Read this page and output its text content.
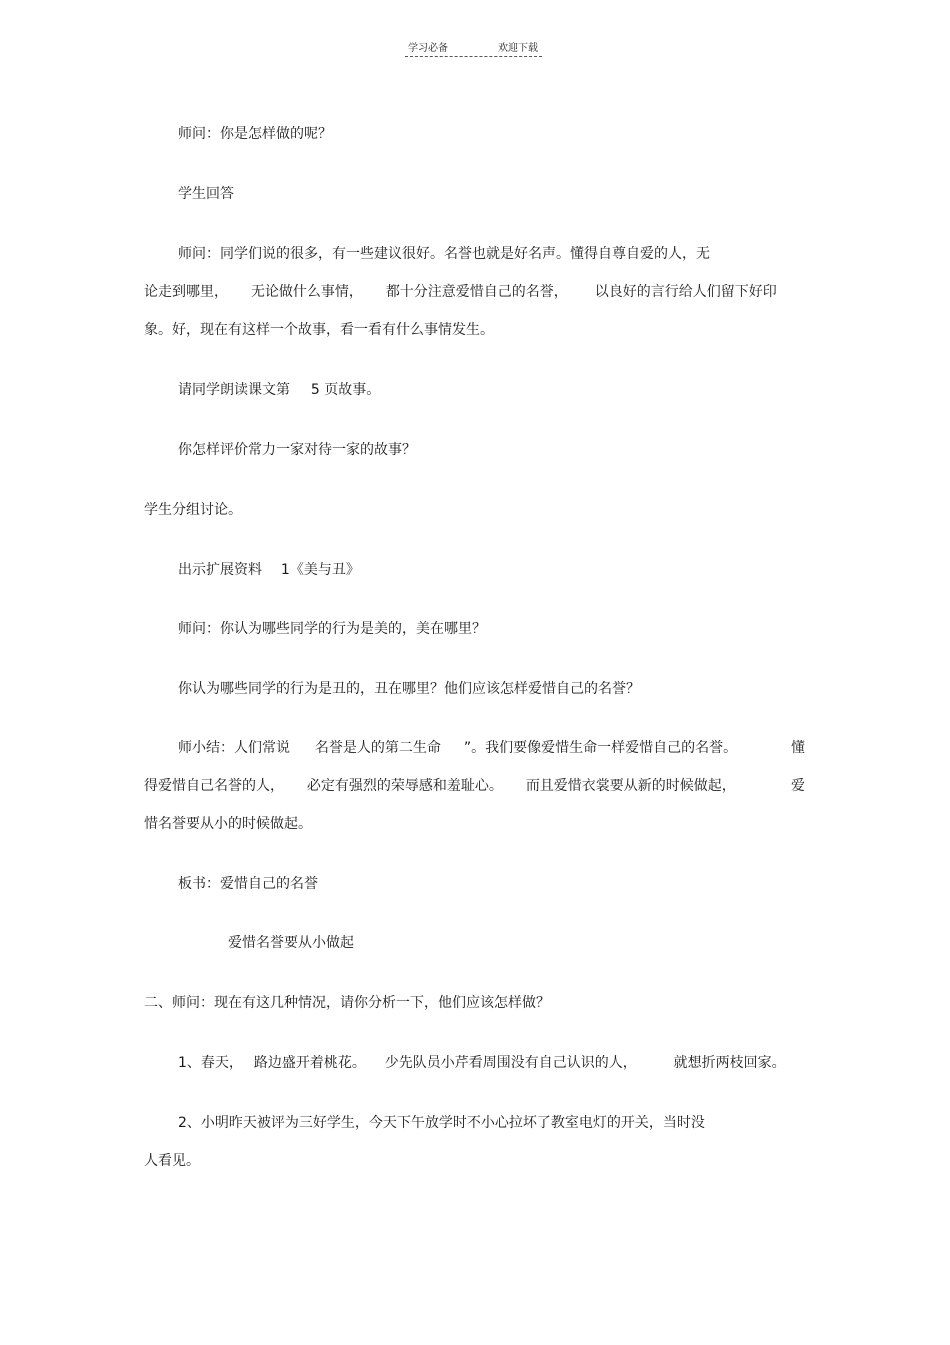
学习必备	欢迎下载
师问：你是怎样做的呢？
学生回答
师问：同学们说的很多，有一些建议很好。名誉也就是好名声。懂得自尊自爱的人，无
论走到哪里， 无论做什么事情， 都十分注意爱惜自己的名誉， 以良好的言行给人们留下好印
象。好，现在有这样一个故事，看一看有什么事情发生。
请同学朗读课文第 5 页故事。
你怎样评价常力一家对待一家的故事？
学生分组讨论。
出示扩展资料 1《美与丑》
师问：你认为哪些同学的行为是美的，美在哪里？
你认为哪些同学的行为是丑的，丑在哪里？他们应该怎样爱惜自己的名誉？
师小结：人们常说 名誉是人的第二生命 ”。我们要像爱惜生命一样爱惜自己的名誉。	懂
得爱惜自己名誉的人， 必定有强烈的荣辱感和羞耻心。 而且爱惜衣裳要从新的时候做起，	爱
惜名誉要从小的时候做起。
板书：爱惜自己的名誉
爱惜名誉要从小做起
二、师问：现在有这几种情况，请你分析一下，他们应该怎样做？
1、春天， 路边盛开着桃花。 少先队员小芹看周围没有自己认识的人，	就想折两枝回家。
2、小明昨天被评为三好学生，今天下午放学时不小心拉坏了教室电灯的开关，当时没
人看见。
